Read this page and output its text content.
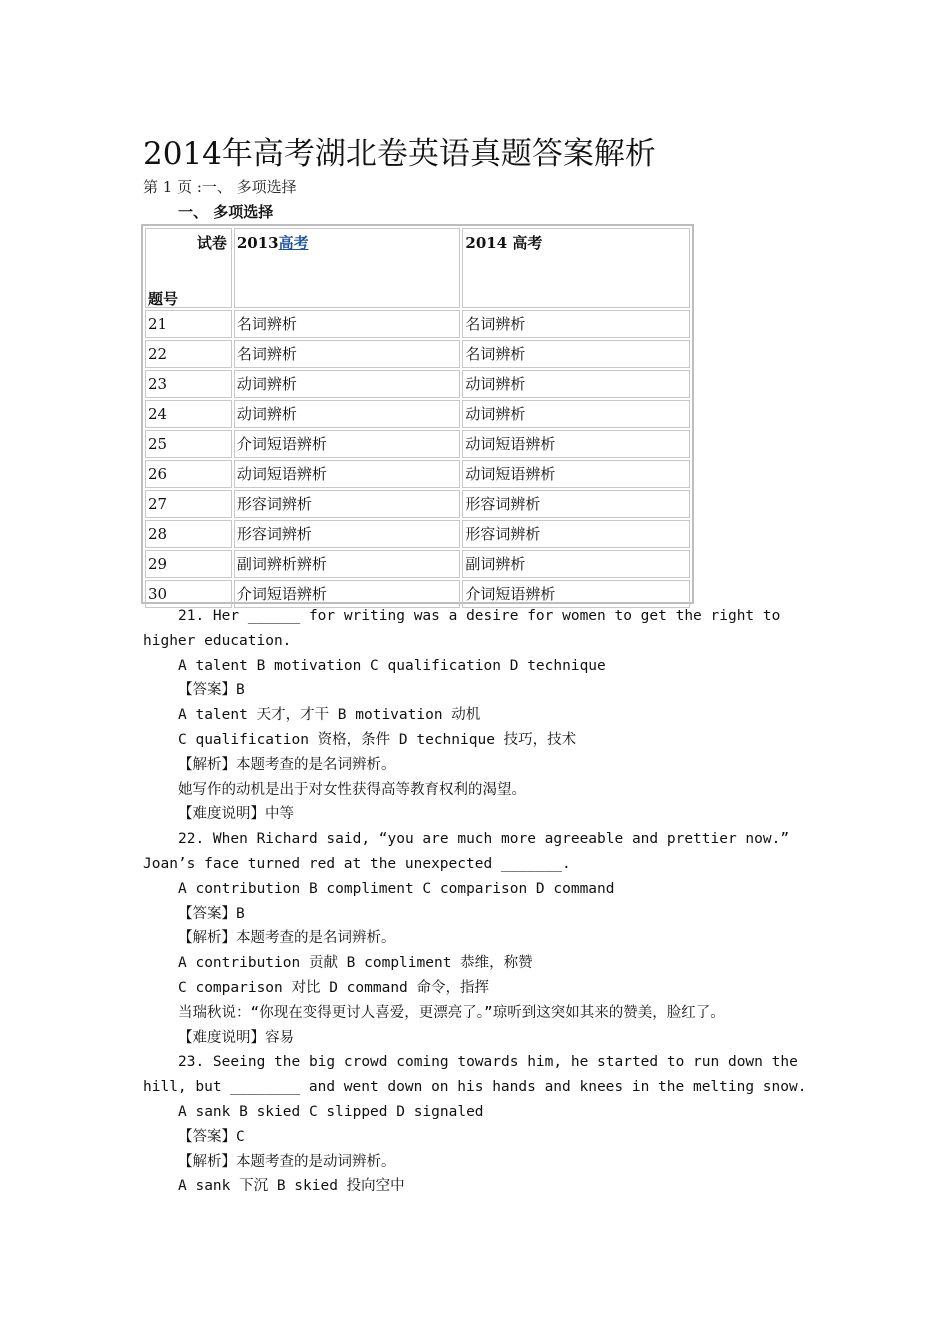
2014年高考湖北卷英语真题答案解析
第 1 页 :一、 多项选择
一、 多项选择
试卷
题号	2013高考	2014 高考
21	名词辨析	名词辨析
22	名词辨析	名词辨析
23	动词辨析	动词辨析
24	动词辨析	动词辨析
25	介词短语辨析	动词短语辨析
26	动词短语辨析	动词短语辨析
27	形容词辨析	形容词辨析
28	形容词辨析	形容词辨析
29	副词辨析辨析	副词辨析
30	介词短语辨析	介词短语辨析
21. Her ______ for writing was a desire for women to get the right to
higher education.
A talent B motivation C qualification D technique
【答案】B
A talent 天才，才干 B motivation 动机
C qualification 资格，条件 D technique 技巧，技术
【解析】本题考查的是名词辨析。
她写作的动机是出于对女性获得高等教育权利的渴望。
【难度说明】中等
22. When Richard said, “you are much more agreeable and prettier now.”
Joan’s face turned red at the unexpected _______.
A contribution B compliment C comparison D command
【答案】B
【解析】本题考查的是名词辨析。
A contribution 贡献 B compliment 恭维，称赞
C comparison 对比 D command 命令，指挥
当瑞秋说：“你现在变得更讨人喜爱，更漂亮了。”琼听到这突如其来的赞美，脸红了。
【难度说明】容易
23. Seeing the big crowd coming towards him, he started to run down the
hill, but ________ and went down on his hands and knees in the melting snow.
A sank B skied C slipped D signaled
【答案】C
【解析】本题考查的是动词辨析。
A sank 下沉 B skied 投向空中
